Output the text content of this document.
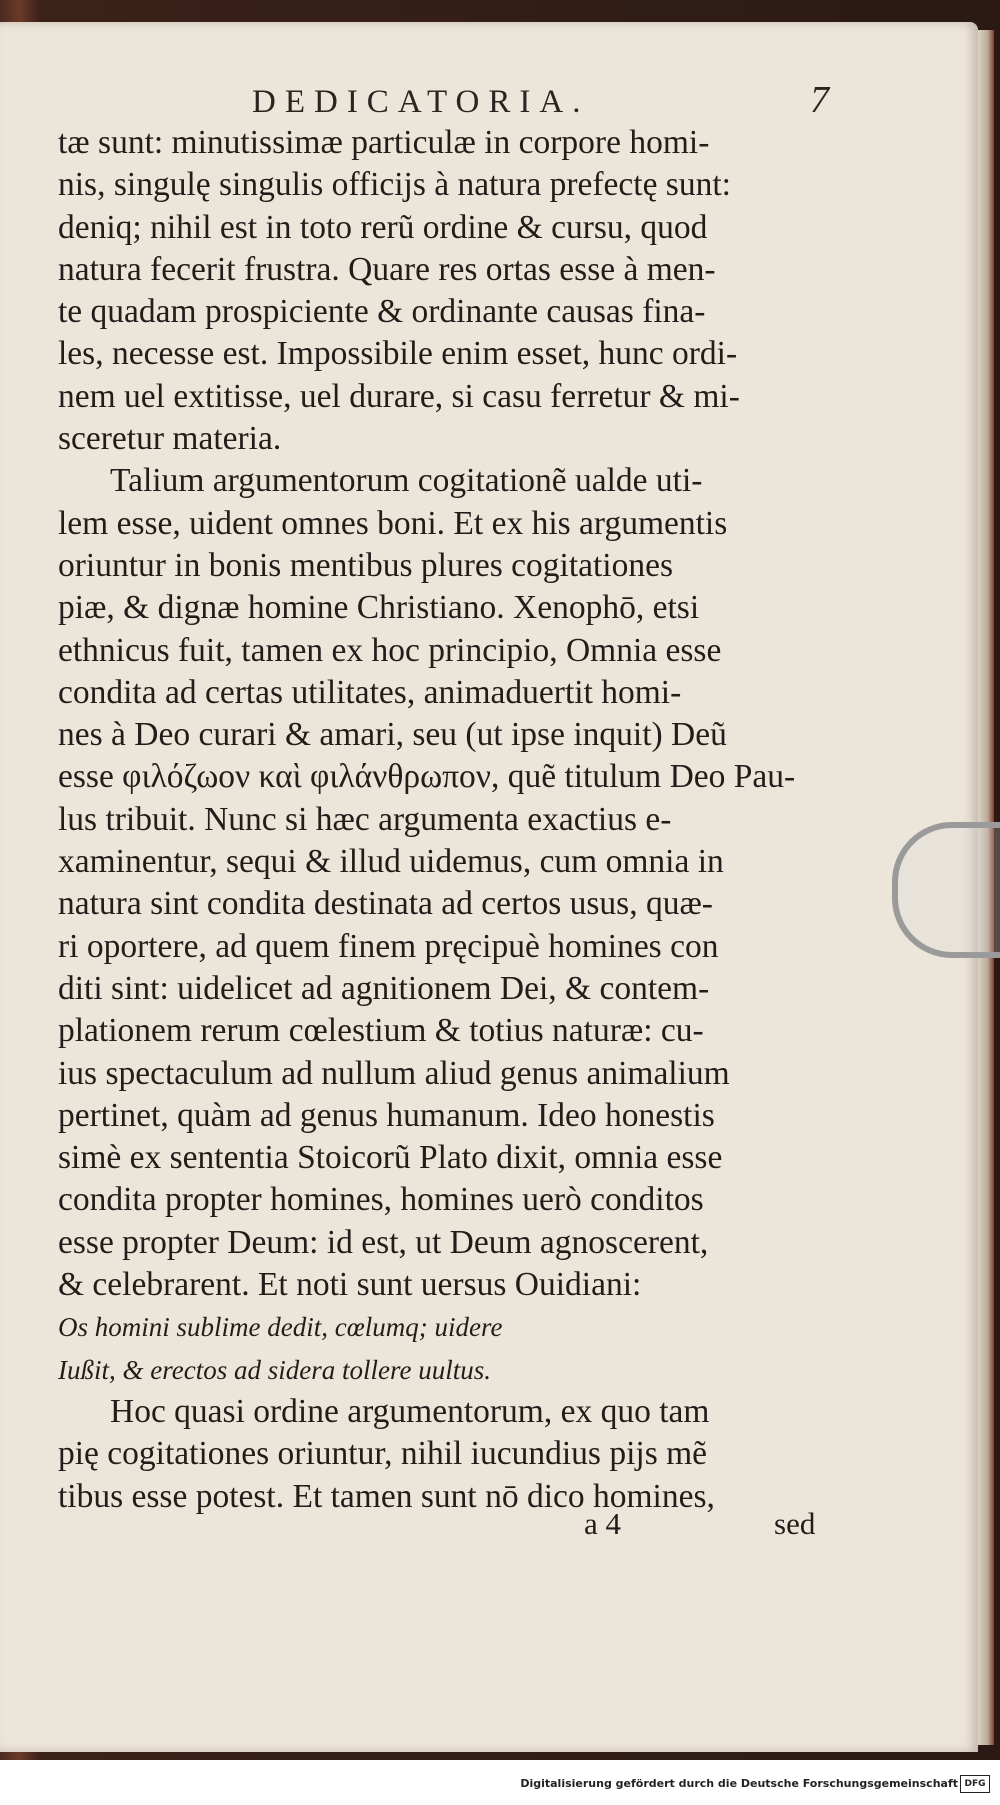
DEDICATORIA.	7
tæ sunt: minutissimæ particulæ in corpore homi-
nis, singulę singulis officijs à natura prefectę sunt:
deniq; nihil est in toto rerũ ordine & cursu, quod
natura fecerit frustra. Quare res ortas esse à men-
te quadam prospiciente & ordinante causas fina-
les, necesse est. Impossibile enim esset, hunc ordi-
nem uel extitisse, uel durare, si casu ferretur & mi-
sceretur materia.
Talium argumentorum cogitationẽ ualde uti-
lem esse, uident omnes boni. Et ex his argumentis
oriuntur in bonis mentibus plures cogitationes
piæ, & dignæ homine Christiano. Xenophō, etsi
ethnicus fuit, tamen ex hoc principio, Omnia esse
condita ad certas utilitates, animaduertit homi-
nes à Deo curari & amari, seu (ut ipse inquit) Deũ
esse φιλόζωον καὶ φιλάνθρωπον, quẽ titulum Deo Pau-
lus tribuit. Nunc si hæc argumenta exactius e-
xaminentur, sequi & illud uidemus, cum omnia in
natura sint condita destinata ad certos usus, quæ-
ri oportere, ad quem finem pręcipuè homines con
diti sint: uidelicet ad agnitionem Dei, & contem-
plationem rerum cœlestium & totius naturæ: cu-
ius spectaculum ad nullum aliud genus animalium
pertinet, quàm ad genus humanum. Ideo honestis
simè ex sententia Stoicorũ Plato dixit, omnia esse
condita propter homines, homines uerò conditos
esse propter Deum: id est, ut Deum agnoscerent,
& celebrarent. Et noti sunt uersus Ouidiani:
Os homini sublime dedit, cœlumq; uidere
Iußit, & erectos ad sidera tollere uultus.
Hoc quasi ordine argumentorum, ex quo tam
pię cogitationes oriuntur, nihil iucundius pijs mẽ
tibus esse potest. Et tamen sunt nō dico homines,
a 4	sed
Digitalisierung gefördert durch die Deutsche Forschungsgemeinschaft DFG
